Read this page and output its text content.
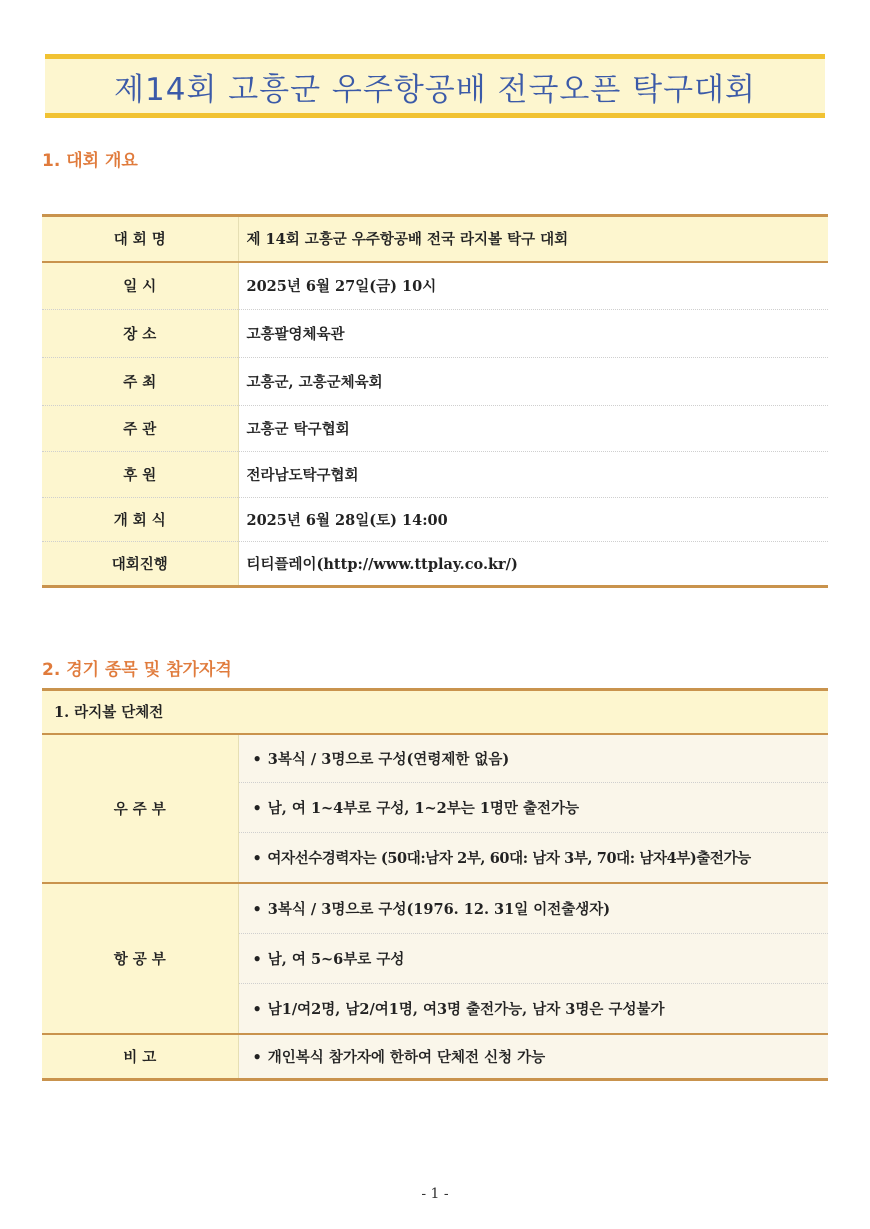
제14회 고흥군 우주항공배 전국오픈 탁구대회
1. 대회 개요
대 회 명	제 14회 고흥군 우주항공배 전국 라지볼 탁구 대회
일 시	2025년 6월 27일(금) 10시
장 소	고흥팔영체육관
주 최	고흥군, 고흥군체육회
주 관	고흥군 탁구협회
후 원	전라남도탁구협회
개 회 식	2025년 6월 28일(토) 14:00
대회진행	티티플레이(http://www.ttplay.co.kr/)
2. 경기 종목 및 참가자격
1. 라지볼 단체전	
우 주 부	• 3복식 / 3명으로 구성(연령제한 없음)
	• 남, 여 1~4부로 구성, 1~2부는 1명만 출전가능
	• 여자선수경력자는 (50대:남자 2부, 60대: 남자 3부, 70대: 남자4부)출전가능
항 공 부	• 3복식 / 3명으로 구성(1976. 12. 31일 이전출생자)
	• 남, 여 5~6부로 구성
	• 남1/여2명, 남2/여1명, 여3명 출전가능, 남자 3명은 구성불가
비 고	• 개인복식 참가자에 한하여 단체전 신청 가능
- 1 -
